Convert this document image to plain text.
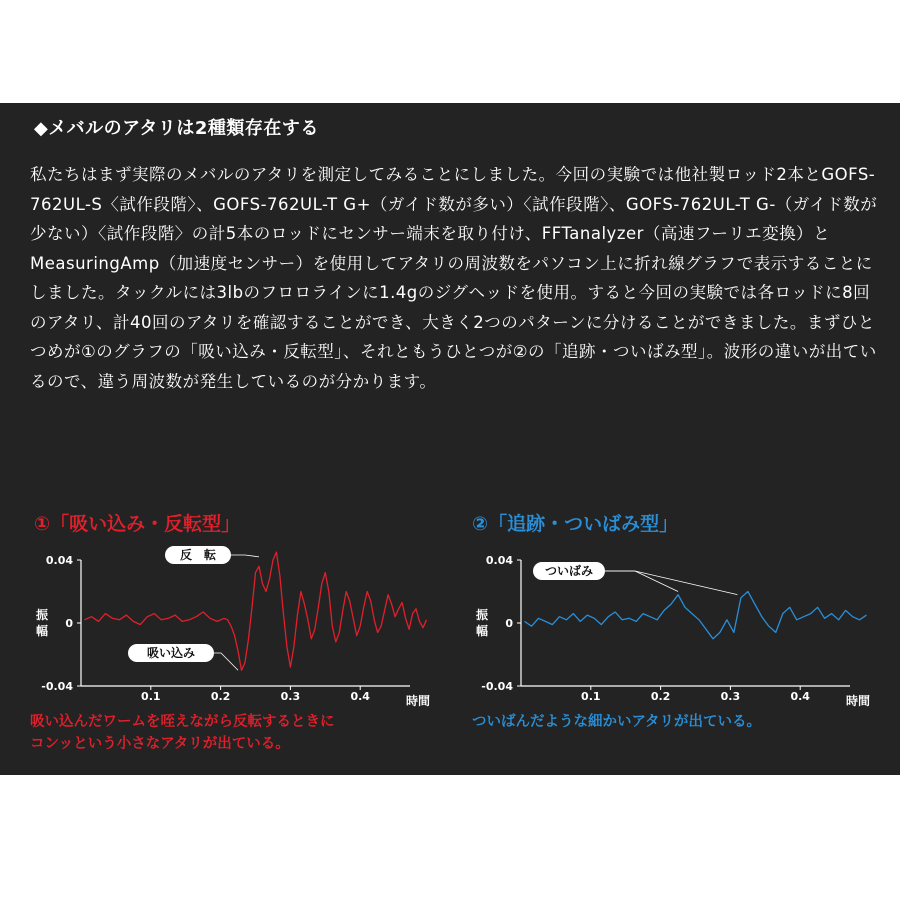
◆メバルのアタリは2種類存在する
私たちはまず実際のメバルのアタリを測定してみることにしました。今回の実験では他社製ロッド2本とGOFS-762UL-S〈試作段階〉、GOFS-762UL-T G+（ガイド数が多い）〈試作段階〉、GOFS-762UL-T G-（ガイド数が少ない）〈試作段階〉の計5本のロッドにセンサー端末を取り付け、FFTanalyzer（高速フーリエ変換）とMeasuringAmp（加速度センサー）を使用してアタリの周波数をパソコン上に折れ線グラフで表示することにしました。タックルには3lbのフロロラインに1.4gのジグヘッドを使用。すると今回の実験では各ロッドに8回のアタリ、計40回のアタリを確認することができ、大きく2つのパターンに分けることができました。まずひとつめが①のグラフの「吸い込み・反転型」、それともうひとつが②の「追跡・ついばみ型」。波形の違いが出ているので、違う周波数が発生しているのが分かります。
①「吸い込み・反転型」
0.04
0
-0.04
0.1	0.2	0.3	0.4	時間
振幅
反　転
吸い込み
吸い込んだワームを咥えながら反転するときに
コンッという小さなアタリが出ている。
②「追跡・ついばみ型」
0.04
0
-0.04
0.1	0.2	0.3	0.4	時間
振幅
ついばみ
ついばんだような細かいアタリが出ている。
